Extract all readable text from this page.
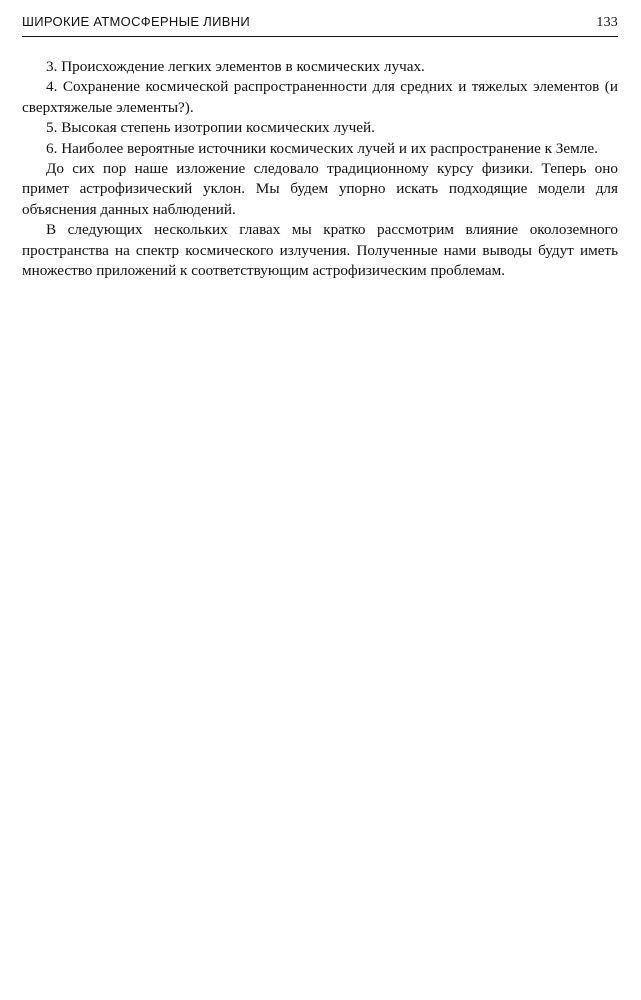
ШИРОКИЕ АТМОСФЕРНЫЕ ЛИВНИ	133

3. Происхождение легких элементов в космических лучах.

4. Сохранение космической распространенности для средних и тяжелых элементов (и сверхтяжелые элементы?).

5. Высокая степень изотропии космических лучей.

6. Наиболее вероятные источники космических лучей и их распространение к Земле.

До сих пор наше изложение следовало традиционному курсу физики. Теперь оно примет астрофизический уклон. Мы будем упорно искать подходящие модели для объяснения данных наблюдений.

В следующих нескольких главах мы кратко рассмотрим влияние околоземного пространства на спектр космического излучения. Полученные нами выводы будут иметь множество приложений к соответствующим астрофизическим проблемам.
